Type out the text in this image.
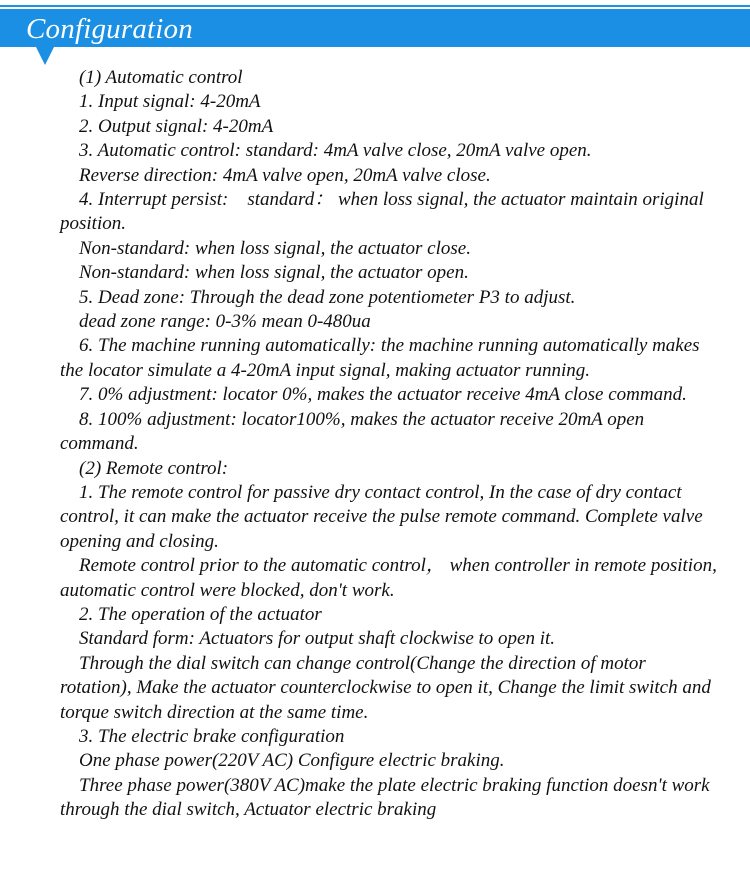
Configuration

(1) Automatic control

1. Input signal: 4-20mA

2. Output signal: 4-20mA

3. Automatic control: standard: 4mA valve close, 20mA valve open.

Reverse direction: 4mA valve open, 20mA valve close.

4. Interrupt persist:    standard： when loss signal, the actuator maintain original position.

Non-standard: when loss signal, the actuator close.

Non-standard: when loss signal, the actuator open.

5. Dead zone: Through the dead zone potentiometer P3 to adjust.

dead zone range: 0-3% mean 0-480ua

6. The machine running automatically: the machine running automatically makes the locator simulate a 4-20mA input signal, making actuator running.

7. 0% adjustment: locator 0%, makes the actuator receive 4mA close command.

8. 100% adjustment: locator100%, makes the actuator receive 20mA open command.

(2) Remote control:

1. The remote control for passive dry contact control, In the case of dry contact control, it can make the actuator receive the pulse remote command. Complete valve opening and closing.

Remote control prior to the automatic control， when controller in remote position, automatic control were blocked, don't work.

2. The operation of the actuator

Standard form: Actuators for output shaft clockwise to open it.

Through the dial switch can change control(Change the direction of motor rotation), Make the actuator counterclockwise to open it, Change the limit switch and torque switch direction at the same time.

3. The electric brake configuration

One phase power(220V AC) Configure electric braking.

Three phase power(380V AC)make the plate electric braking function doesn't work through the dial switch, Actuator electric braking
